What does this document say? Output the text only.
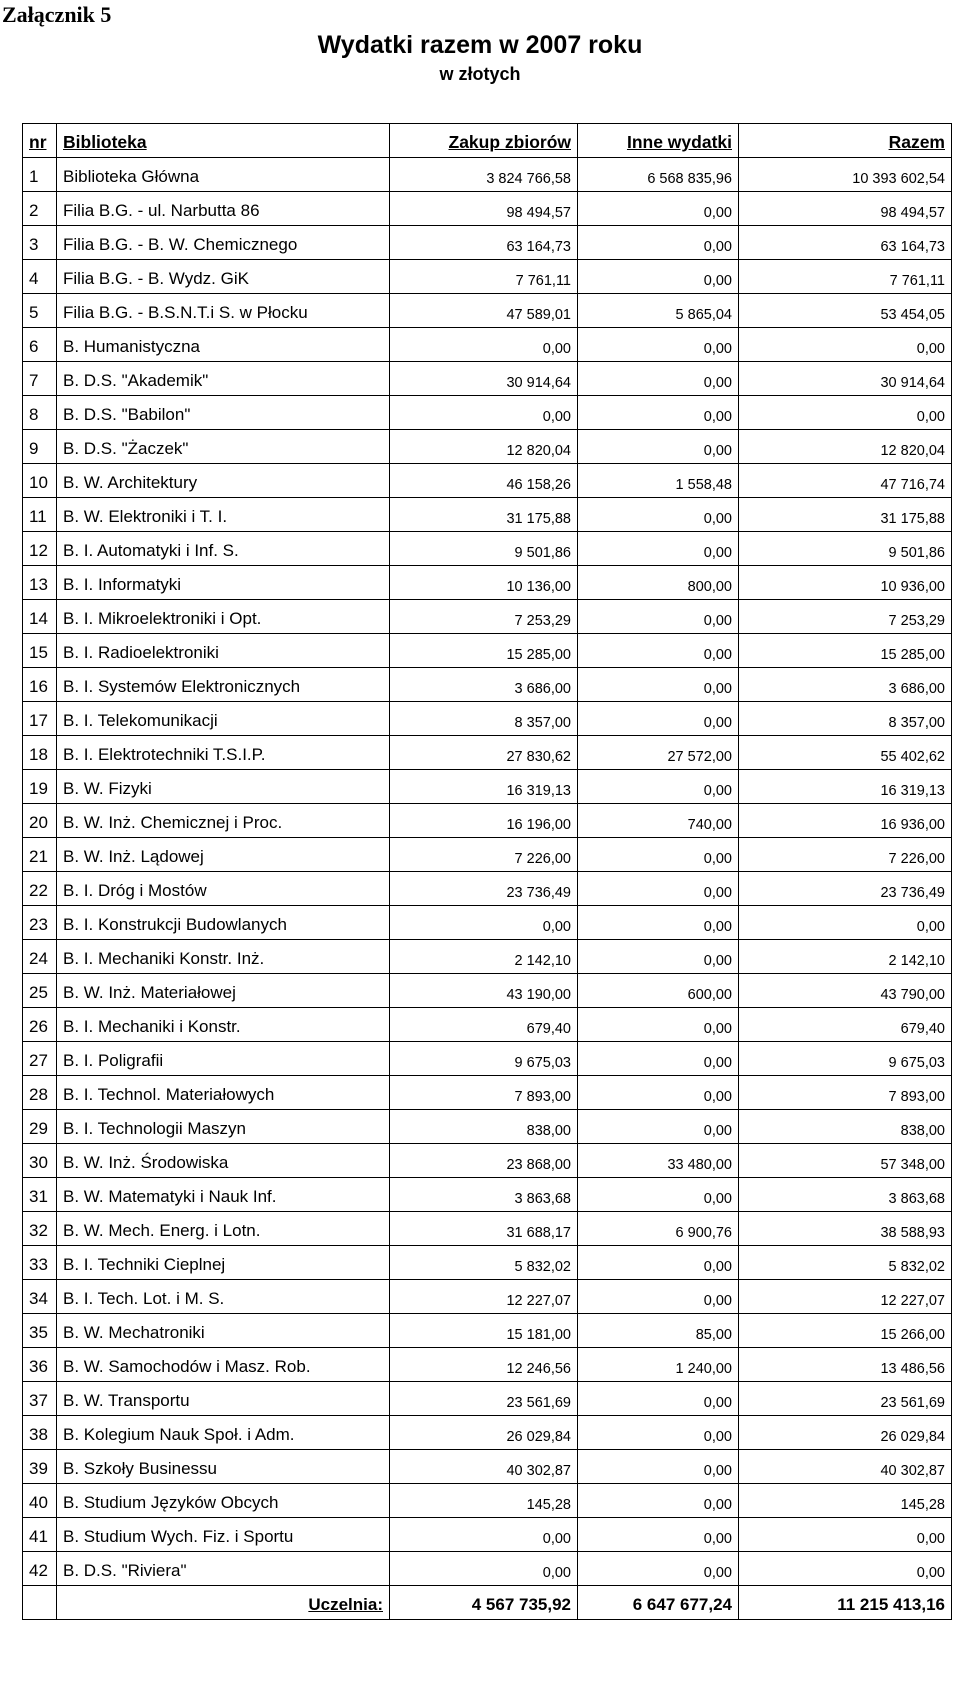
Załącznik 5
Wydatki razem w 2007 roku
w złotych
nr	Biblioteka	Zakup zbiorów	Inne wydatki	Razem
1	Biblioteka Główna	3 824 766,58	6 568 835,96	10 393 602,54
2	Filia B.G. - ul. Narbutta 86	98 494,57	0,00	98 494,57
3	Filia B.G. - B. W. Chemicznego	63 164,73	0,00	63 164,73
4	Filia B.G. - B. Wydz. GiK	7 761,11	0,00	7 761,11
5	Filia B.G. - B.S.N.T.i S. w Płocku	47 589,01	5 865,04	53 454,05
6	B. Humanistyczna	0,00	0,00	0,00
7	B. D.S. "Akademik"	30 914,64	0,00	30 914,64
8	B. D.S. "Babilon"	0,00	0,00	0,00
9	B. D.S. "Żaczek"	12 820,04	0,00	12 820,04
10	B. W. Architektury	46 158,26	1 558,48	47 716,74
11	B. W. Elektroniki i T. I.	31 175,88	0,00	31 175,88
12	B. I. Automatyki i Inf. S.	9 501,86	0,00	9 501,86
13	B. I. Informatyki	10 136,00	800,00	10 936,00
14	B. I. Mikroelektroniki i Opt.	7 253,29	0,00	7 253,29
15	B. I. Radioelektroniki	15 285,00	0,00	15 285,00
16	B. I. Systemów Elektronicznych	3 686,00	0,00	3 686,00
17	B. I. Telekomunikacji	8 357,00	0,00	8 357,00
18	B. I. Elektrotechniki T.S.I.P.	27 830,62	27 572,00	55 402,62
19	B. W. Fizyki	16 319,13	0,00	16 319,13
20	B. W. Inż. Chemicznej i Proc.	16 196,00	740,00	16 936,00
21	B. W. Inż. Lądowej	7 226,00	0,00	7 226,00
22	B. I. Dróg i Mostów	23 736,49	0,00	23 736,49
23	B. I. Konstrukcji Budowlanych	0,00	0,00	0,00
24	B. I. Mechaniki Konstr. Inż.	2 142,10	0,00	2 142,10
25	B. W. Inż. Materiałowej	43 190,00	600,00	43 790,00
26	B. I. Mechaniki i Konstr.	679,40	0,00	679,40
27	B. I. Poligrafii	9 675,03	0,00	9 675,03
28	B. I. Technol. Materiałowych	7 893,00	0,00	7 893,00
29	B. I. Technologii Maszyn	838,00	0,00	838,00
30	B. W. Inż. Środowiska	23 868,00	33 480,00	57 348,00
31	B. W. Matematyki i Nauk Inf.	3 863,68	0,00	3 863,68
32	B. W. Mech. Energ. i Lotn.	31 688,17	6 900,76	38 588,93
33	B. I. Techniki Cieplnej	5 832,02	0,00	5 832,02
34	B. I. Tech. Lot. i M. S.	12 227,07	0,00	12 227,07
35	B. W. Mechatroniki	15 181,00	85,00	15 266,00
36	B. W. Samochodów i Masz. Rob.	12 246,56	1 240,00	13 486,56
37	B. W. Transportu	23 561,69	0,00	23 561,69
38	B. Kolegium Nauk Społ. i Adm.	26 029,84	0,00	26 029,84
39	B. Szkoły Businessu	40 302,87	0,00	40 302,87
40	B. Studium Języków Obcych	145,28	0,00	145,28
41	B. Studium Wych. Fiz. i Sportu	0,00	0,00	0,00
42	B. D.S. "Riviera"	0,00	0,00	0,00
	Uczelnia:	4 567 735,92	6 647 677,24	11 215 413,16
